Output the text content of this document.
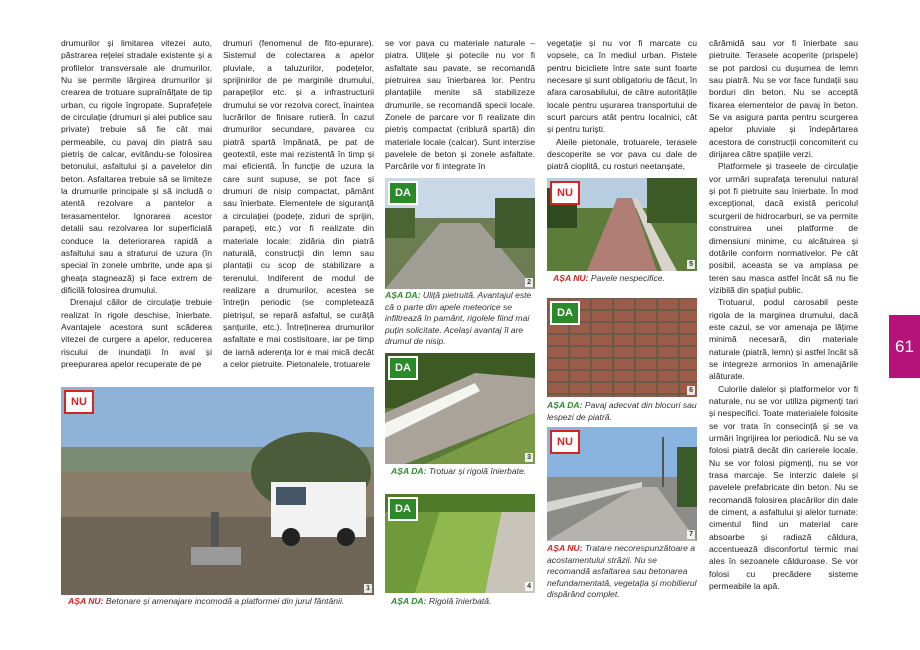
drumurilor și limitarea vitezei auto, păstrarea rețelei stradale existente și a profilelor transversale ale drumurilor. Nu se permite lărgirea drumurilor și crearea de trotuare supraînălțate de tip urban, cu rigole îngropate. Suprafețele de circulație (drumuri și alei publice sau private) trebuie să fie cât mai permeabile, cu pavaj din piatră sau pietriș de calcar, evitându-se folosirea betonului, asfaltului și a pavelelor din beton. Asfaltarea trebuie să se limiteze la drumurile principale și să includă o atentă rezolvare a pantelor a terasamentelor. Ignorarea acestor detalii sau rezolvarea lor superficială conduce la deteriorarea rapidă a asfaltului sau a straturui de uzura (în special în zonele umbrite, unde apa și gheața stagnează) și face extrem de dificilă folosirea drumului.

Drenajul căilor de circulație trebuie realizat în rigole deschise, înierbate. Avantajele acestora sunt scăderea vitezei de curgere a apelor, reducerea riscului de inundații în aval și preepurarea apelor recuperate de pe

drumuri (fenomenul de fito-epurare). Sistemul de colectarea a apelor pluviale, a taluzurilor, podețelor, sprijinirilor de pe marginile drumului, parapeților etc. și a infrastructurii drumului se vor rezolva corect, înaintea lucrărilor de finisare rutieră. În cazul drumurilor secundare, pavarea cu piatră spartă împănată, pe pat de geotextil, este mai rezistentă în timp și mai eficientă. În funcție de uzura la care sunt supuse, se pot face și drumuri de nisip compactat, pământ sau înierbate. Elementele de siguranță a circulației (podețe, ziduri de sprijin, parapeți, etc.) vor fi realizate din materiale locale: zidăria din piatră naturală, construcții din lemn sau plantații cu scop de stabilizare a terenului. Indiferent de modul de realizare a drumurilor, acestea se întrețin periodic (se completează pietrișul, se repară asfaltul, se curăță șanțurile, etc.). Întreținerea drumurilor asfaltate e mai costisitoare, iar pe timp de iarnă aderența lor e mai mică decât a celor pietruite. Pietonalele, trotuarele

se vor pava cu materiale naturale – piatra. Ulițele și potecile nu vor fi asfaltate sau pavate, se recomandă pietruirea sau înierbarea lor. Pentru plantațiile menite să stabilizeze drumurile, se recomandă specii locale. Zonele de parcare vor fi realizate din pietriș compactat (criblură spartă) din materiale locale (calcar). Sunt interzise pavelele de beton și zonele asfaltate. Parcările vor fi integrate în

vegetație și nu vor fi marcate cu vopsele, ca în mediul urban. Pistele pentru bicicliete între sate sunt foarte necesare și sunt obligatoriu de făcut, în afara carosabilului, de către autoritățile locale pentru ușurarea transportului de scurt parcurs atât pentru localnici, cât și pentru turiști.

Aleile pietonale, trotuarele, terasele descoperite se vor pava cu dale de piatră cioplită, cu rosturi neetanșate,

cărămidă sau vor fi înierbate sau pietruite. Terasele acoperite (prispele) se pot pardosi cu dușumea de lemn sau piatră. Nu se vor face fundații sau borduri din beton. Nu se acceptă fixarea elementelor de pavaj în beton. Se va asigura panta pentru scurgerea apelor pluviale și îndepărtarea acestora de construcții concomitent cu dirijarea către spațiile verzi.

Platformele și traseele de circulație vor urmări suprafața terenului natural și pot fi pietruite sau înierbate. În mod excepțional, dacă există pericolul scurgerii de hidrocarburi, se va permite construirea unei platforme de dimensiuni minime, cu alcătuirea și dotările conform normativelor. Pe cât posibil, aceasta se va amplasa pe teren sau masca astfel încât să nu fie vizibilă din spațiul public.

Trotuarul, podul carosabil peste rigola de la marginea drumului, dacă este cazul, se vor amenaja pe lățime minimă necesară, din materiale naturale (piatră, lemn) și astfel încât să se integreze armonios în amenajările alăturate.

Culorile dalelor și platformelor vor fi naturale, nu se vor utiliza pigmenți tari și nespecifici. Toate materialele folosite se vor trata în consecință și se va urmări îngrijirea lor periodică. Nu se va folosi piatră decât din carierele locale. Nu se vor folosi pigmenți, nu se vor trasa marcaje. Se interzic dalele și pavelele prefabricate din beton. Nu se recomandă folosirea placărilor din dale de ciment, a asfaltului și alelor turnate: cimentul fiind un material care absoarbe și radiază căldura, accentuează disconfortul termic mai ales în sezoanele călduroase. Se vor folosi cu precădere sisteme permeabile la apă.

NU
1
AȘA NU: Betonare și amenajare incomodă a platformei din jurul fântânii.
DA
2
AȘA DA: Uliță pietruită. Avantajul este că o parte din apele meteorice se infiltrează în pamânt, rigolele fiind mai puțin solicitate. Același avantaj îl are drumul de nisip.
DA
3
AȘA DA: Trotuar și rigolă înierbate.
DA
4
AȘA DA: Rigolă înierbată.
NU
5
AȘA NU: Pavele nespecifice.
DA
6
AȘA DA: Pavaj adecvat din blocuri sau lespezi de piatră.
NU
7
AȘA NU: Tratare necorespunzătoare a acostamentului străzii. Nu se recomandă asfaltarea sau betonarea nefundamentată, vegetația și mobilierul dispărând complet.
61
